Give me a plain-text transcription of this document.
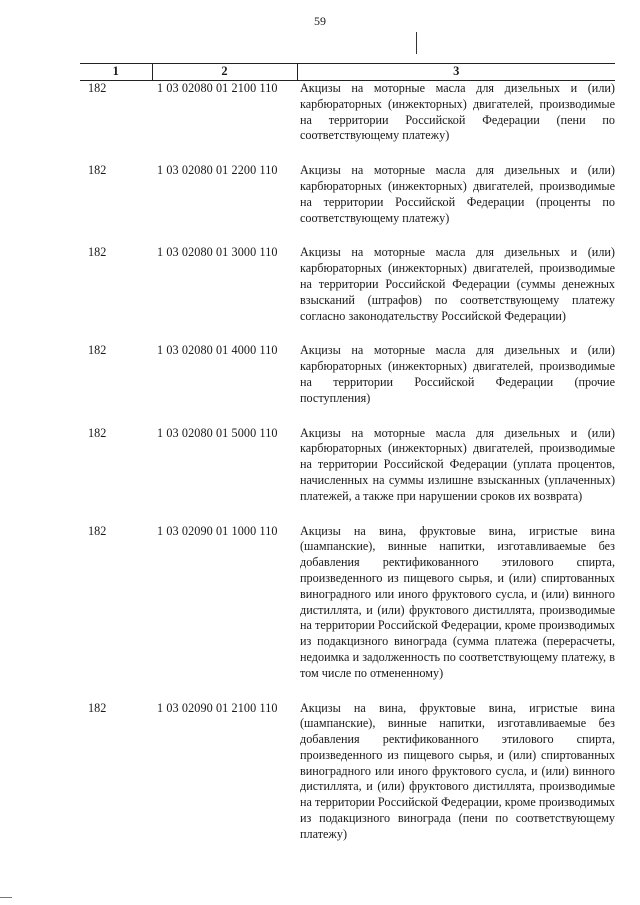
59
1	2	3
182	1 03 02080 01 2100 110	Акцизы на моторные масла для дизельных и (или) карбюраторных (инжекторных) двигателей, производимые на территории Российской Федерации (пени по соответствующему платежу)
182	1 03 02080 01 2200 110	Акцизы на моторные масла для дизельных и (или) карбюраторных (инжекторных) двигателей, производимые на территории Российской Федерации (проценты по соответствующему платежу)
182	1 03 02080 01 3000 110	Акцизы на моторные масла для дизельных и (или) карбюраторных (инжекторных) двигателей, производимые на территории Российской Федерации (суммы денежных взысканий (штрафов) по соответствующему платежу согласно законодательству Российской Федерации)
182	1 03 02080 01 4000 110	Акцизы на моторные масла для дизельных и (или) карбюраторных (инжекторных) двигателей, производимые на территории Российской Федерации (прочие поступления)
182	1 03 02080 01 5000 110	Акцизы на моторные масла для дизельных и (или) карбюраторных (инжекторных) двигателей, производимые на территории Российской Федерации (уплата процентов, начисленных на суммы излишне взысканных (уплаченных) платежей, а также при нарушении сроков их возврата)
182	1 03 02090 01 1000 110	Акцизы на вина, фруктовые вина, игристые вина (шампанские), винные напитки, изготавливаемые без добавления ректификованного этилового спирта, произведенного из пищевого сырья, и (или) спиртованных виноградного или иного фруктового сусла, и (или) винного дистиллята, и (или) фруктового дистиллята, производимые на территории Российской Федерации, кроме производимых из подакцизного винограда (сумма платежа (перерасчеты, недоимка и задолженность по соответствующему платежу, в том числе по отмененному)
182	1 03 02090 01 2100 110	Акцизы на вина, фруктовые вина, игристые вина (шампанские), винные напитки, изготавливаемые без добавления ректификованного этилового спирта, произведенного из пищевого сырья, и (или) спиртованных виноградного или иного фруктового сусла, и (или) винного дистиллята, и (или) фруктового дистиллята, производимые на территории Российской Федерации, кроме производимых из подакцизного винограда (пени по соответствующему платежу)
